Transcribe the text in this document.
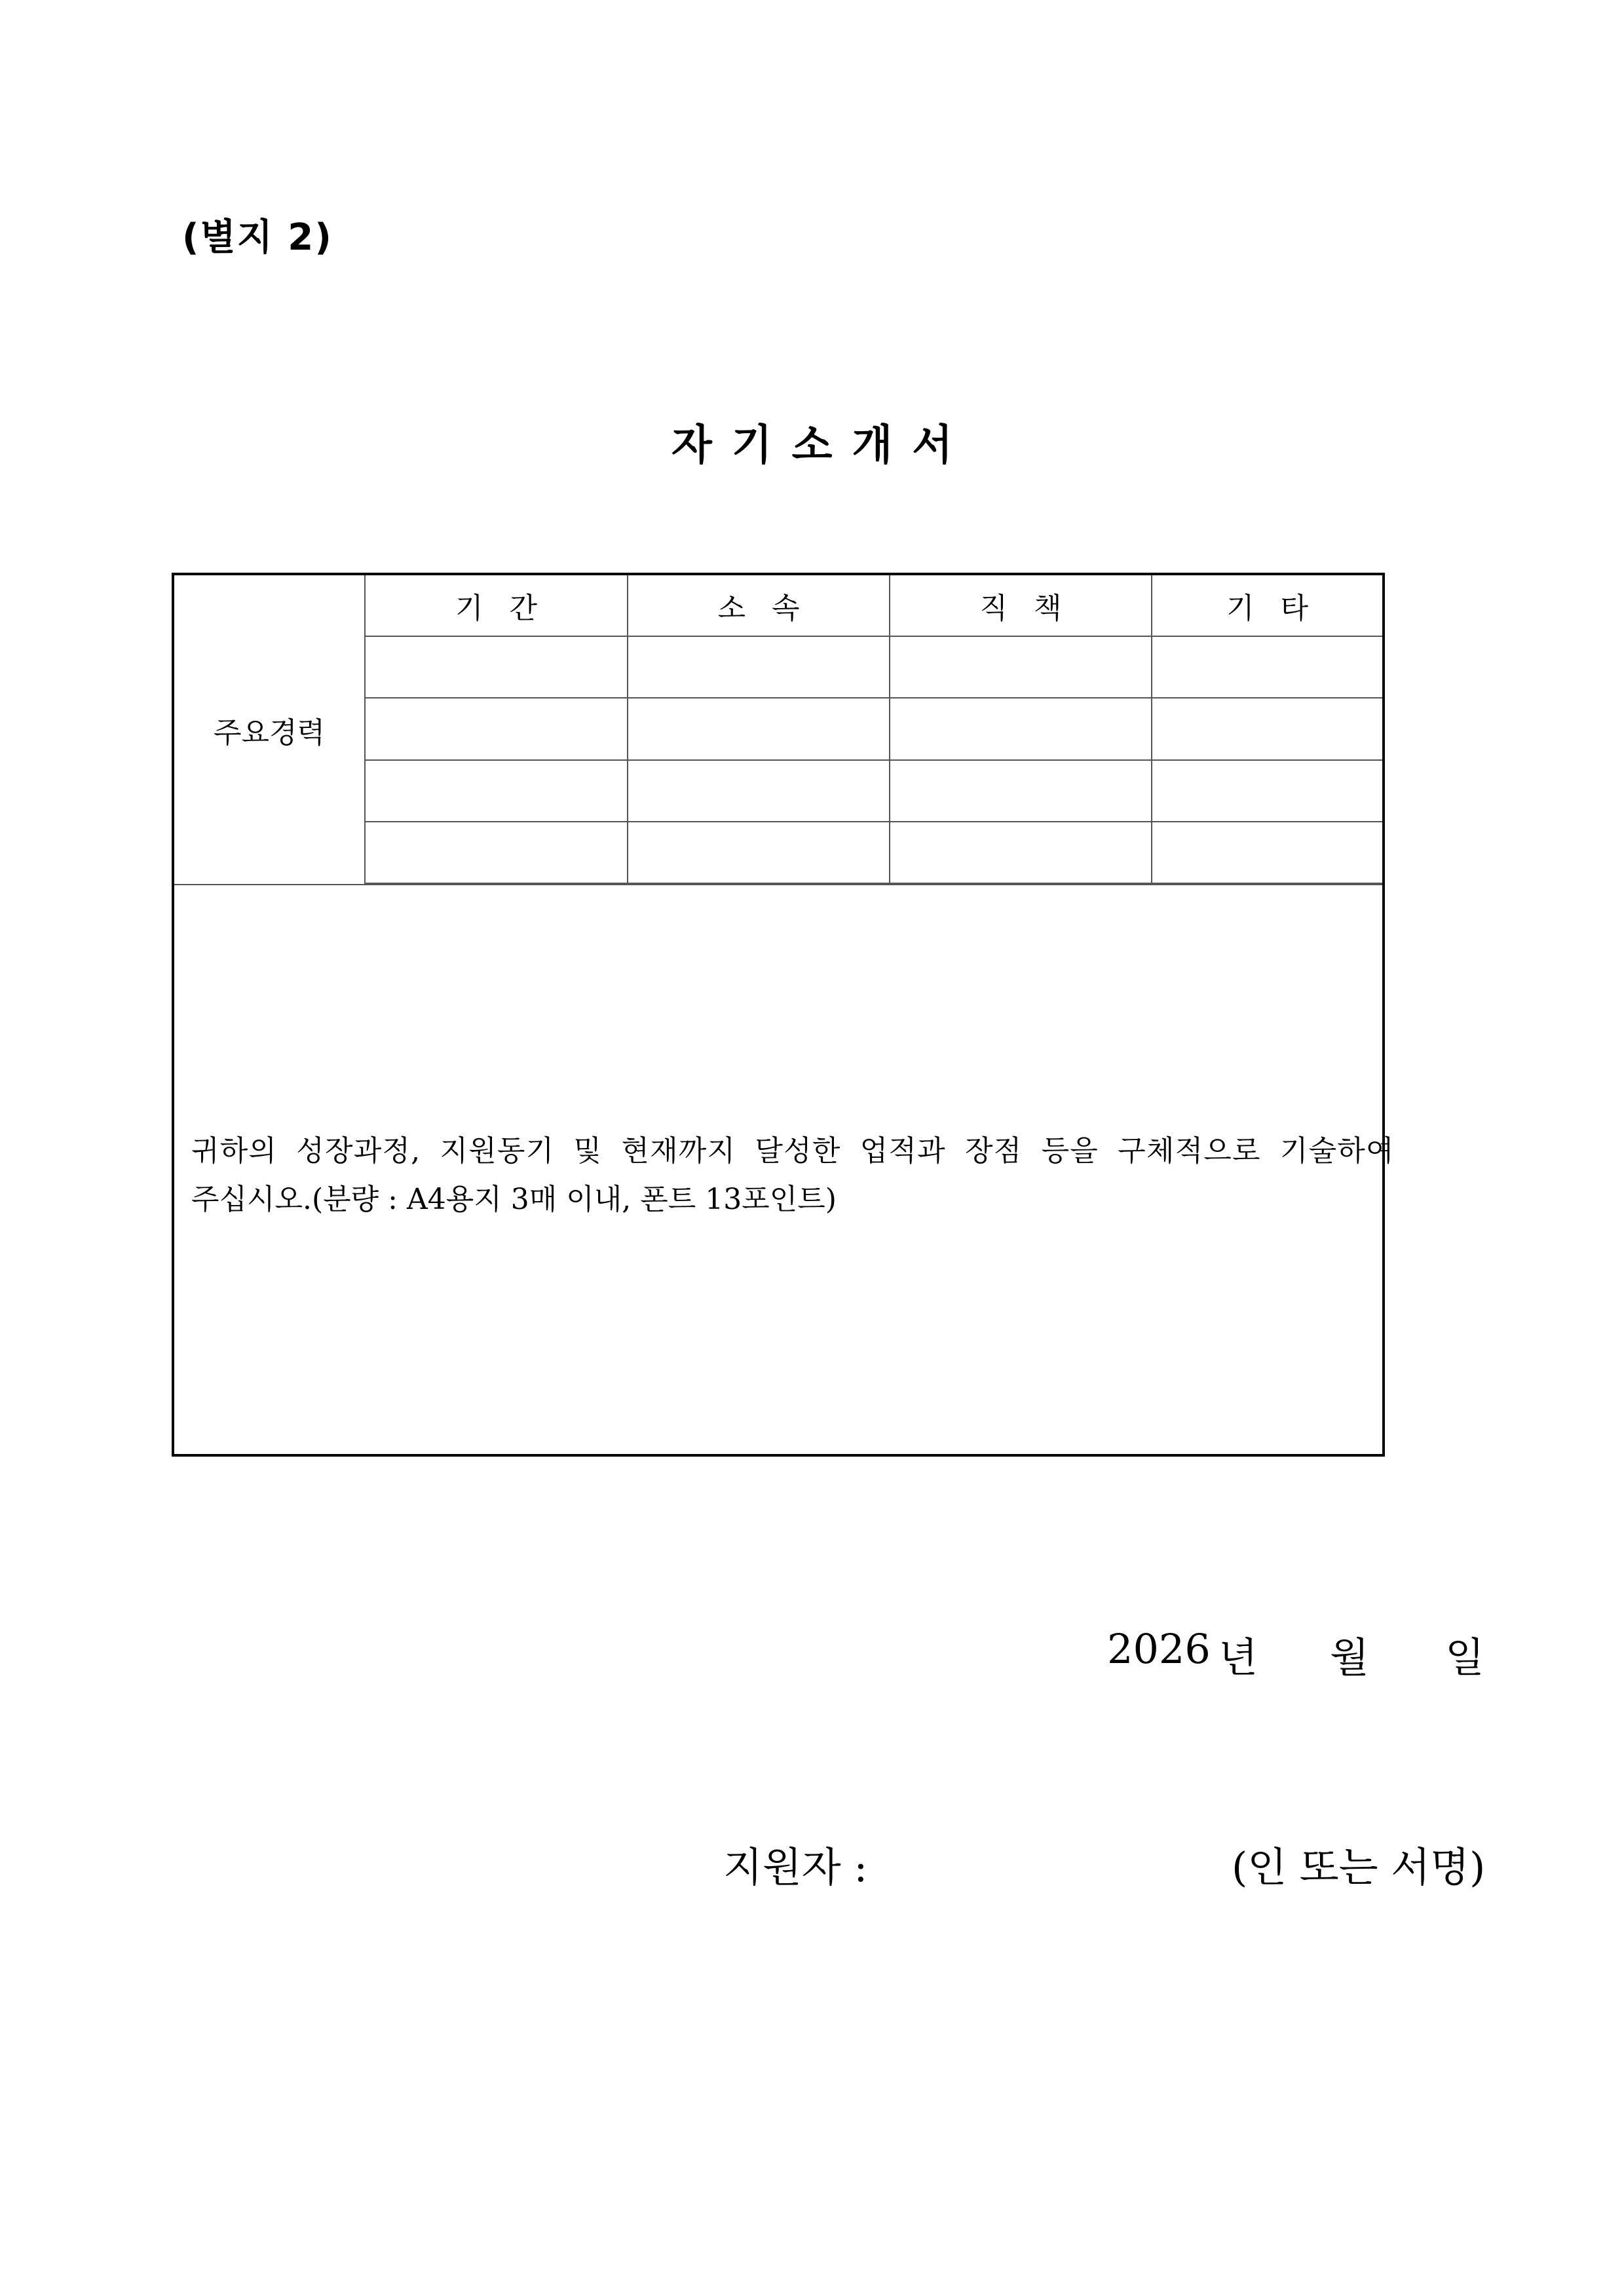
(별지 2)
자기소개서
주요경력
기간	소속	직책	기타

귀하의 성장과정, 지원동기 및 현재까지 달성한 업적과 장점 등을 구체적으로 기술하여
주십시오.(분량 : A4용지 3매 이내, 폰트 13포인트)
2026 년 월 일
지원자 :	(인 또는 서명)
